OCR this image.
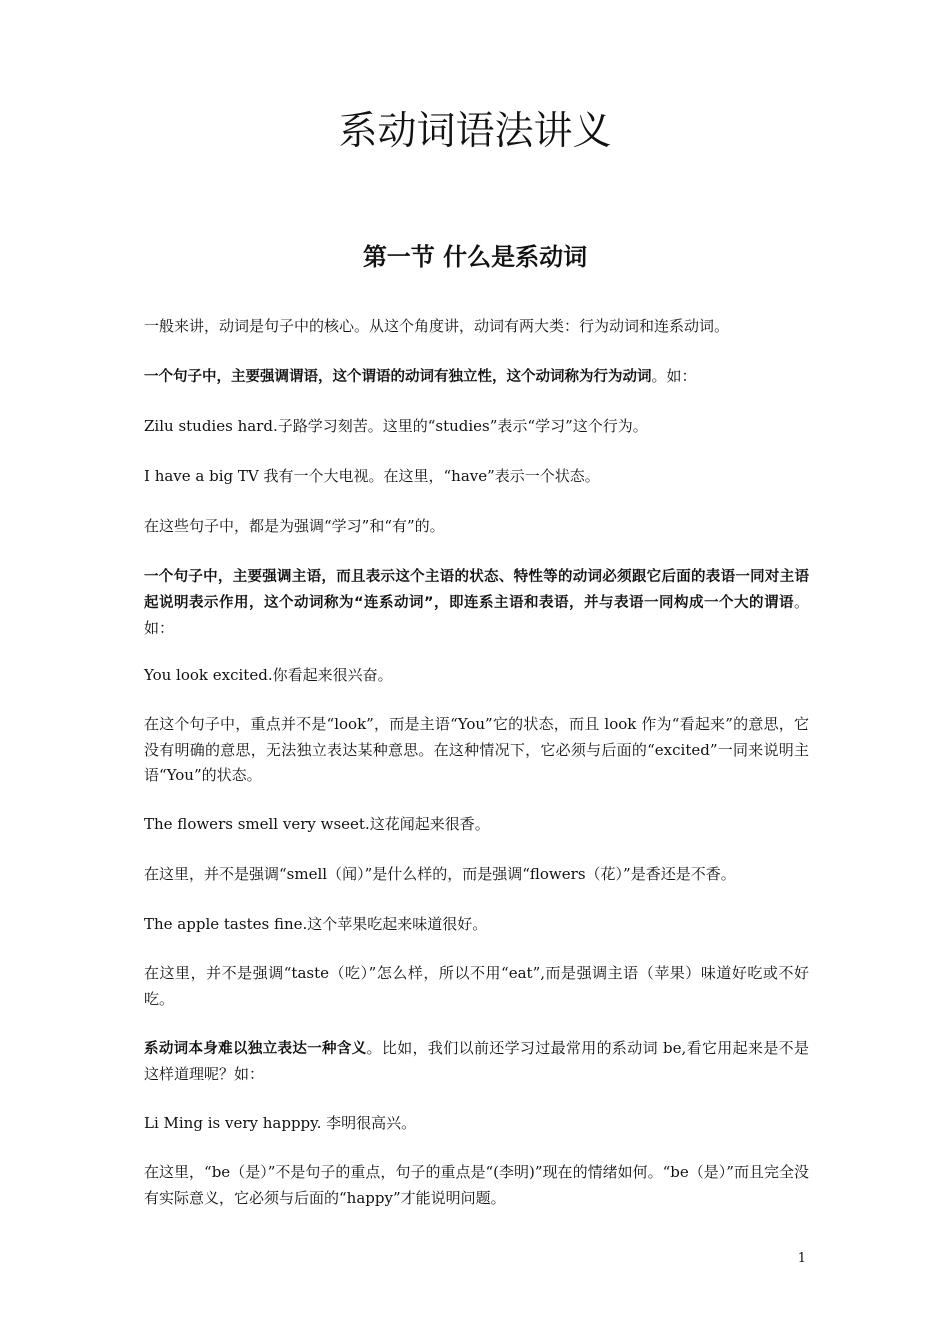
系动词语法讲义
第一节 什么是系动词

一般来讲，动词是句子中的核心。从这个角度讲，动词有两大类：行为动词和连系动词。

一个句子中，主要强调谓语，这个谓语的动词有独立性，这个动词称为行为动词。如：

Zilu studies hard.子路学习刻苦。这里的“studies”表示“学习”这个行为。

I have a big TV 我有一个大电视。在这里，“have”表示一个状态。

在这些句子中，都是为强调“学习”和“有”的。

一个句子中，主要强调主语，而且表示这个主语的状态、特性等的动词必须跟它后面的表语一同对主语起说明表示作用，这个动词称为“连系动词”，即连系主语和表语，并与表语一同构成一个大的谓语。如：

You look excited.你看起来很兴奋。

在这个句子中，重点并不是“look”，而是主语“You”它的状态，而且 look 作为“看起来”的意思，它没有明确的意思，无法独立表达某种意思。在这种情况下，它必须与后面的“excited”一同来说明主语“You”的状态。

The flowers smell very wseet.这花闻起来很香。

在这里，并不是强调“smell（闻）”是什么样的，而是强调“flowers（花）”是香还是不香。

The apple tastes fine.这个苹果吃起来味道很好。

在这里，并不是强调“taste（吃）”怎么样，所以不用“eat”,而是强调主语（苹果）味道好吃或不好吃。

系动词本身难以独立表达一种含义。比如，我们以前还学习过最常用的系动词 be,看它用起来是不是这样道理呢？如：

Li Ming is very happpy. 李明很高兴。

在这里，“be（是）”不是句子的重点，句子的重点是“(李明)”现在的情绪如何。“be（是）”而且完全没有实际意义，它必须与后面的“happy”才能说明问题。

1
